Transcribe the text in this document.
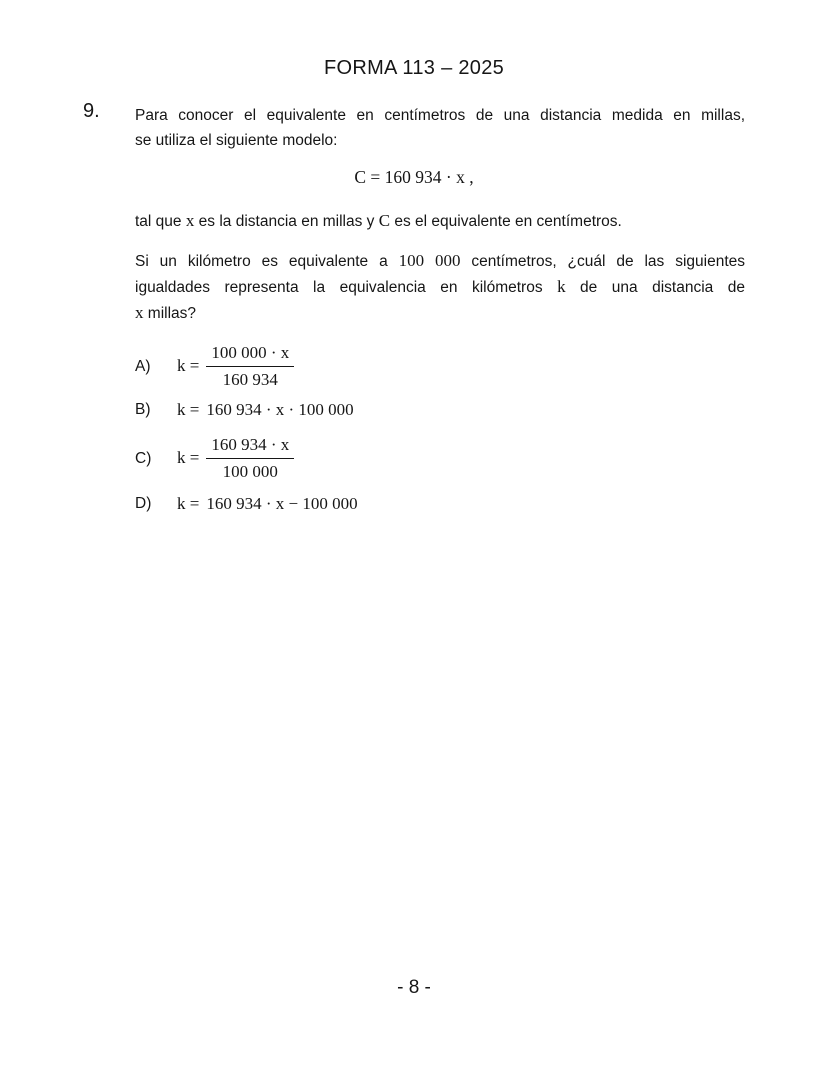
FORMA 113 – 2025
9. Para conocer el equivalente en centímetros de una distancia medida en millas,
se utiliza el siguiente modelo:
C = 160 934 · x ,

tal que x es la distancia en millas y C es el equivalente en centímetros.

Si un kilómetro es equivalente a 100 000 centímetros, ¿cuál de las siguientes
igualdades representa la equivalencia en kilómetros k de una distancia de
x millas?
A)	$k = \frac{100 000 \cdot x}{160 934}$
B)	k = 160 934 · x · 100 000
C)	$k = \frac{160 934 \cdot x}{100 000}$
D)	k = 160 934 · x − 100 000
- 8 -
